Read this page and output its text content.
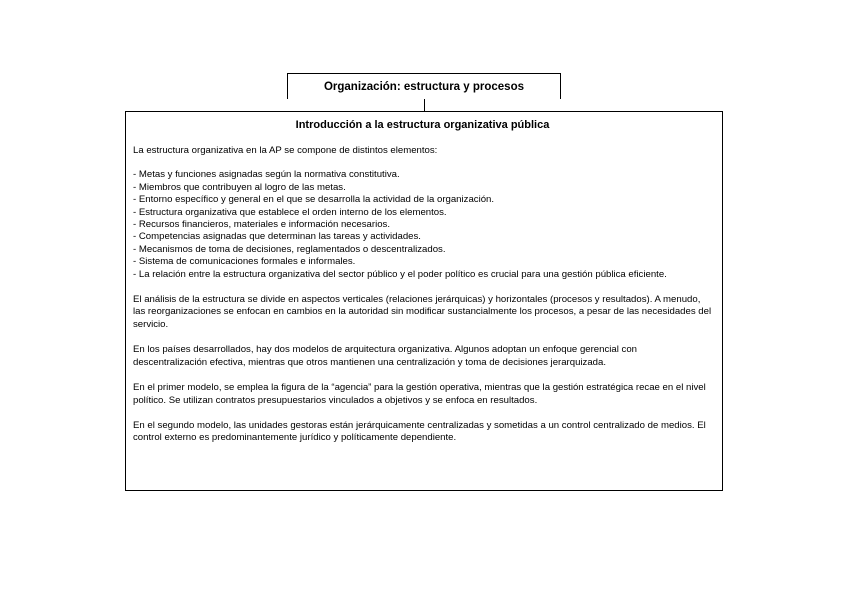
Organización: estructura y procesos
Introducción a la estructura organizativa pública
La estructura organizativa en la AP se compone de distintos elementos:
- Metas y funciones asignadas según la normativa constitutiva.
- Miembros que contribuyen al logro de las metas.
- Entorno específico y general en el que se desarrolla la actividad de la organización.
- Estructura organizativa que establece el orden interno de los elementos.
- Recursos financieros, materiales e información necesarios.
- Competencias asignadas que determinan las tareas y actividades.
- Mecanismos de toma de decisiones, reglamentados o descentralizados.
- Sistema de comunicaciones formales e informales.
- La relación entre la estructura organizativa del sector público y el poder político es crucial para una gestión pública eficiente.
El análisis de la estructura se divide en aspectos verticales (relaciones jerárquicas) y horizontales (procesos y resultados). A menudo, las reorganizaciones se enfocan en cambios en la autoridad sin modificar sustancialmente los procesos, a pesar de las necesidades del servicio.
En los países desarrollados, hay dos modelos de arquitectura organizativa. Algunos adoptan un enfoque gerencial con descentralización efectiva, mientras que otros mantienen una centralización y toma de decisiones jerarquizada.
En el primer modelo, se emplea la figura de la “agencia” para la gestión operativa, mientras que la gestión estratégica recae en el nivel político. Se utilizan contratos presupuestarios vinculados a objetivos y se enfoca en resultados.
En el segundo modelo, las unidades gestoras están jerárquicamente centralizadas y sometidas a un control centralizado de medios. El control externo es predominantemente jurídico y políticamente dependiente.
